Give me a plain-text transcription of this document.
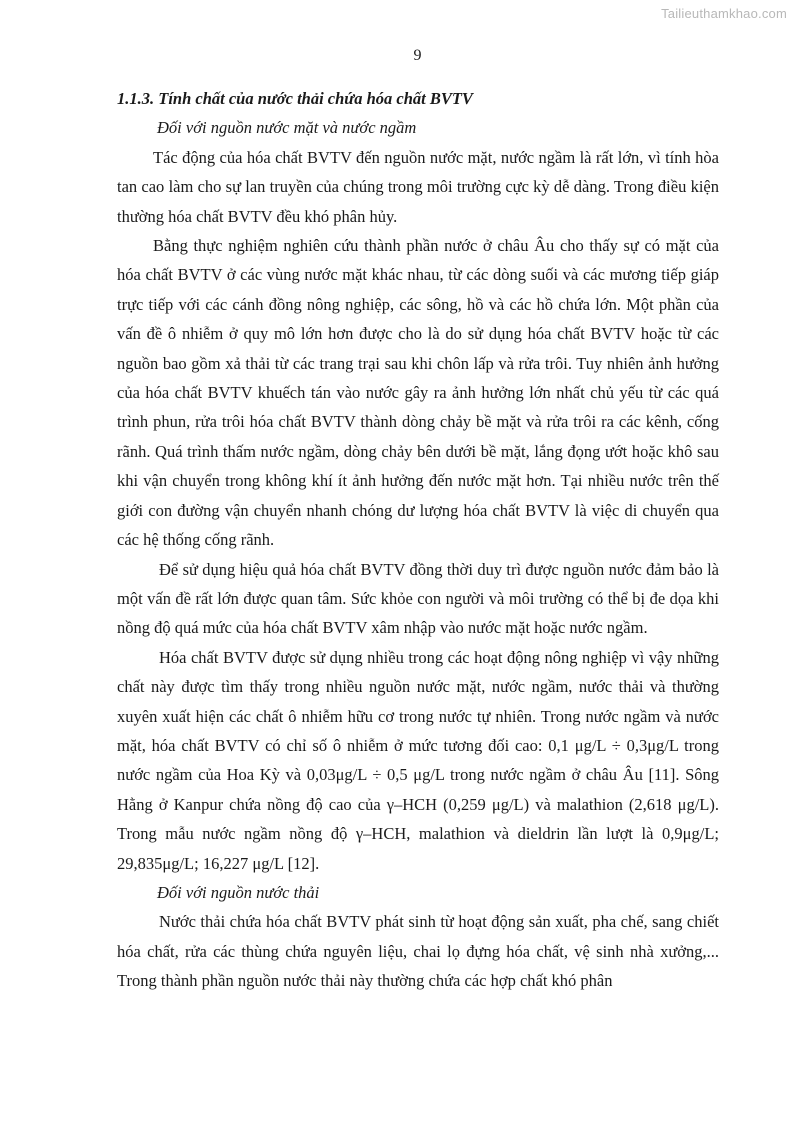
Tailieuthamkhao.com
9

1.1.3. Tính chất của nước thải chứa hóa chất BVTV

Đối với nguồn nước mặt và nước ngầm

Tác động của hóa chất BVTV đến nguồn nước mặt, nước ngầm là rất lớn, vì tính hòa tan cao làm cho sự lan truyền của chúng trong môi trường cực kỳ dễ dàng. Trong điều kiện thường hóa chất BVTV đều khó phân hủy.

Bằng thực nghiệm nghiên cứu thành phần nước ở châu Âu cho thấy sự có mặt của hóa chất BVTV ở các vùng nước mặt khác nhau, từ các dòng suối và các mương tiếp giáp trực tiếp với các cánh đồng nông nghiệp, các sông, hồ và các hồ chứa lớn. Một phần của vấn đề ô nhiễm ở quy mô lớn hơn được cho là do sử dụng hóa chất BVTV hoặc từ các nguồn bao gồm xả thải từ các trang trại sau khi chôn lấp và rửa trôi. Tuy nhiên ảnh hưởng của hóa chất BVTV khuếch tán vào nước gây ra ảnh hưởng lớn nhất chủ yếu từ các quá trình phun, rửa trôi hóa chất BVTV thành dòng chảy bề mặt và rửa trôi ra các kênh, cống rãnh. Quá trình thấm nước ngầm, dòng chảy bên dưới bề mặt, lắng đọng ướt hoặc khô sau khi vận chuyển trong không khí ít ảnh hưởng đến nước mặt hơn. Tại nhiều nước trên thế giới con đường vận chuyển nhanh chóng dư lượng hóa chất BVTV là việc di chuyển qua các hệ thống cống rãnh.

Để sử dụng hiệu quả hóa chất BVTV đồng thời duy trì được nguồn nước đảm bảo là một vấn đề rất lớn được quan tâm. Sức khỏe con người và môi trường có thể bị đe dọa khi nồng độ quá mức của hóa chất BVTV xâm nhập vào nước mặt hoặc nước ngầm.

Hóa chất BVTV được sử dụng nhiều trong các hoạt động nông nghiệp vì vậy những chất này được tìm thấy trong nhiều nguồn nước mặt, nước ngầm, nước thải và thường xuyên xuất hiện các chất ô nhiễm hữu cơ trong nước tự nhiên. Trong nước ngầm và nước mặt, hóa chất BVTV có chỉ số ô nhiễm ở mức tương đối cao: 0,1 μg/L ÷ 0,3μg/L trong nước ngầm của Hoa Kỳ và 0,03μg/L ÷ 0,5 μg/L trong nước ngầm ở châu Âu [11]. Sông Hằng ở Kanpur chứa nồng độ cao của γ–HCH (0,259 μg/L) và malathion (2,618 μg/L). Trong mẫu nước ngầm nồng độ γ–HCH, malathion và dieldrin lần lượt là 0,9μg/L; 29,835μg/L; 16,227 μg/L [12].

Đối với nguồn nước thải

Nước thải chứa hóa chất BVTV phát sinh từ hoạt động sản xuất, pha chế, sang chiết hóa chất, rửa các thùng chứa nguyên liệu, chai lọ đựng hóa chất, vệ sinh nhà xưởng,... Trong thành phần nguồn nước thải này thường chứa các hợp chất khó phân
